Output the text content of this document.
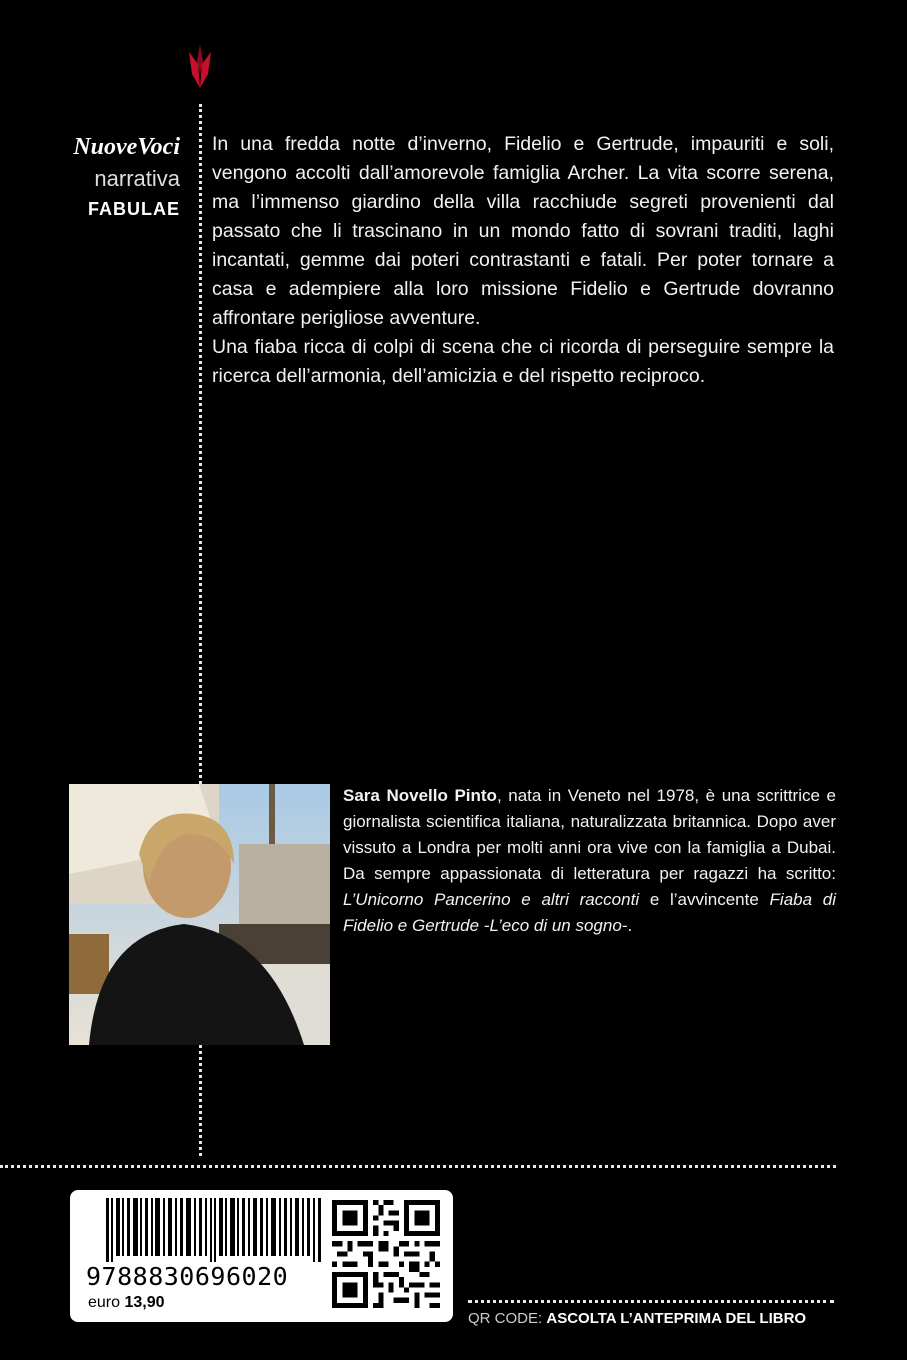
NuoveVoci
narrativa
FABULAE

In una fredda notte d’inverno, Fidelio e Gertrude, impauriti e soli, vengono accolti dall’amorevole famiglia Archer. La vita scorre serena, ma l’immenso giardino della villa racchiude segreti provenienti dal passato che li trascinano in un mondo fatto di sovrani traditi, laghi incantati, gemme dai poteri contrastanti e fatali. Per poter tornare a casa e adempiere alla loro missione Fidelio e Gertrude dovranno affrontare perigliose avventure.

Una fiaba ricca di colpi di scena che ci ricorda di perseguire sempre la ricerca dell’armonia, dell’amicizia e del rispetto reciproco.

Sara Novello Pinto, nata in Veneto nel 1978, è una scrittrice e giornalista scientifica italiana, naturalizzata britannica. Dopo aver vissuto a Londra per molti anni ora vive con la famiglia a Dubai. Da sempre appassionata di letteratura per ragazzi ha scritto: L’Unicorno Pancerino e altri racconti e l’avvincente Fiaba di Fidelio e Gertrude -L’eco di un sogno-.
9788830696020
euro 13,90
QR CODE: ASCOLTA L’ANTEPRIMA DEL LIBRO
